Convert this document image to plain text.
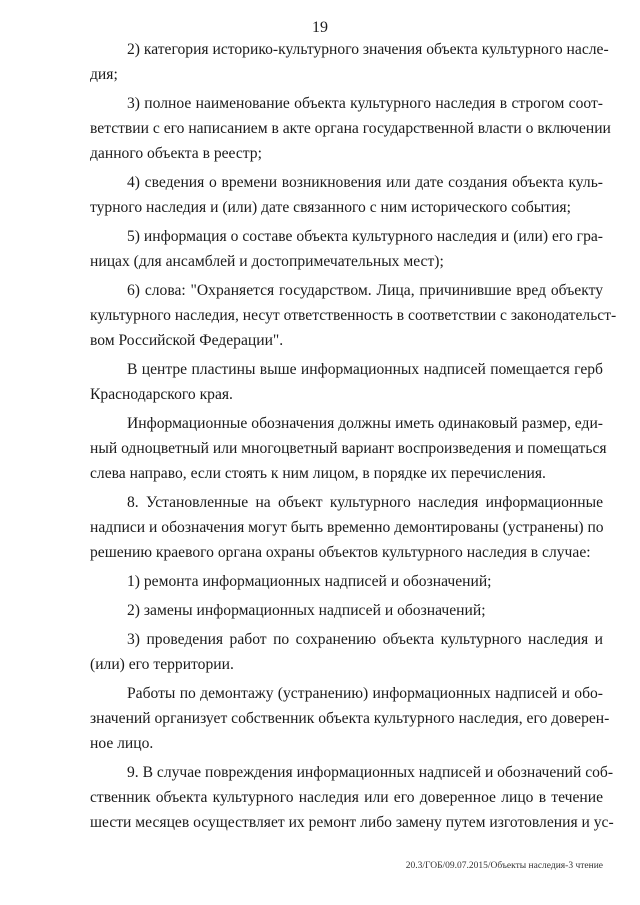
19
2) категория историко-культурного значения объекта культурного насле-
дия;
3) полное наименование объекта культурного наследия в строгом соот-
ветствии с его написанием в акте органа государственной власти о включении
данного объекта в реестр;
4) сведения о времени возникновения или дате создания объекта куль-
турного наследия и (или) дате связанного с ним исторического события;
5) информация о составе объекта культурного наследия и (или) его гра-
ницах (для ансамблей и достопримечательных мест);
6) слова: "Охраняется государством. Лица, причинившие вред объекту
культурного наследия, несут ответственность в соответствии с законодательст-
вом Российской Федерации".
В центре пластины выше информационных надписей помещается герб
Краснодарского края.
Информационные обозначения должны иметь одинаковый размер, еди-
ный одноцветный или многоцветный вариант воспроизведения и помещаться
слева направо, если стоять к ним лицом, в порядке их перечисления.
8. Установленные на объект культурного наследия информационные
надписи и обозначения могут быть временно демонтированы (устранены) по
решению краевого органа охраны объектов культурного наследия в случае:
1) ремонта информационных надписей и обозначений;
2) замены информационных надписей и обозначений;
3) проведения работ по сохранению объекта культурного наследия и
(или) его территории.
Работы по демонтажу (устранению) информационных надписей и обо-
значений организует собственник объекта культурного наследия, его доверен-
ное лицо.
9. В случае повреждения информационных надписей и обозначений соб-
ственник объекта культурного наследия или его доверенное лицо в течение
шести месяцев осуществляет их ремонт либо замену путем изготовления и ус-
20.3/ГОБ/09.07.2015/Объекты наследия-3 чтение
